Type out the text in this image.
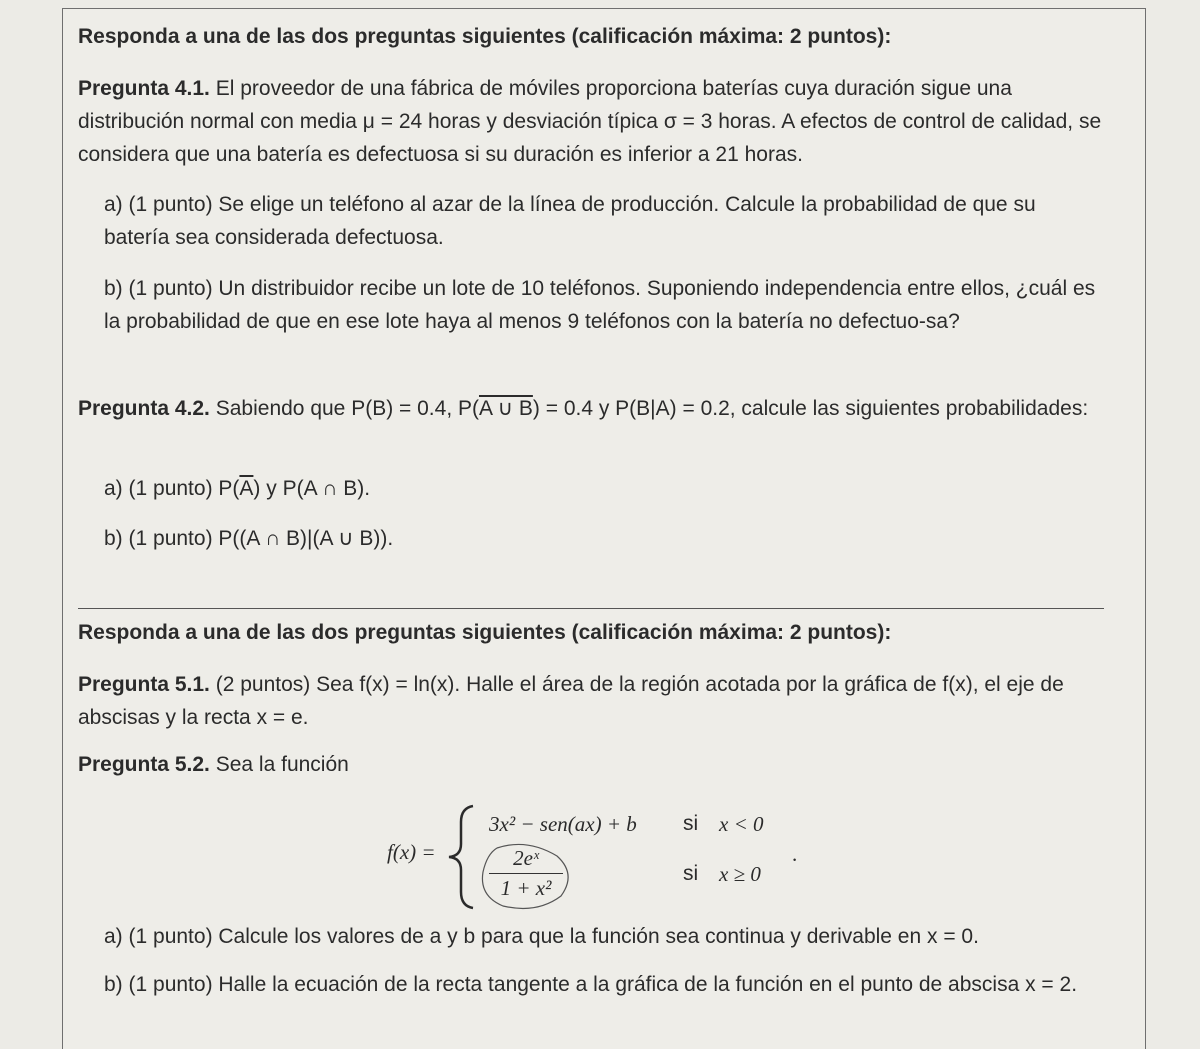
Responda a una de las dos preguntas siguientes (calificación máxima: 2 puntos):
Pregunta 4.1. El proveedor de una fábrica de móviles proporciona baterías cuya duración sigue una distribución normal con media μ = 24 horas y desviación típica σ = 3 horas. A efectos de control de calidad, se considera que una batería es defectuosa si su duración es inferior a 21 horas.
a) (1 punto) Se elige un teléfono al azar de la línea de producción. Calcule la probabilidad de que su batería sea considerada defectuosa.
b) (1 punto) Un distribuidor recibe un lote de 10 teléfonos. Suponiendo independencia entre ellos, ¿cuál es la probabilidad de que en ese lote haya al menos 9 teléfonos con la batería no defectuo-sa?
Pregunta 4.2. Sabiendo que P(B) = 0.4, P(A ∪ B) = 0.4 y P(B|A) = 0.2, calcule las siguientes probabilidades:
a) (1 punto) $P(\overline{A})$ y P(A ∩ B).
b) (1 punto) P((A ∩ B)|(A ∪ B)).
Responda a una de las dos preguntas siguientes (calificación máxima: 2 puntos):
Pregunta 5.1. (2 puntos) Sea f(x) = ln(x). Halle el área de la región acotada por la gráfica de f(x), el eje de abscisas y la recta x = e.
Pregunta 5.2. Sea la función
f(x) =
3x² − sen(ax) + b si x < 0
$\frac{\text{2eˣ}}{\text{1 + x²}}$	si x ≥ 0
.
a) (1 punto) Calcule los valores de a y b para que la función sea continua y derivable en x = 0.
b) (1 punto) Halle la ecuación de la recta tangente a la gráfica de la función en el punto de abscisa x = 2.
